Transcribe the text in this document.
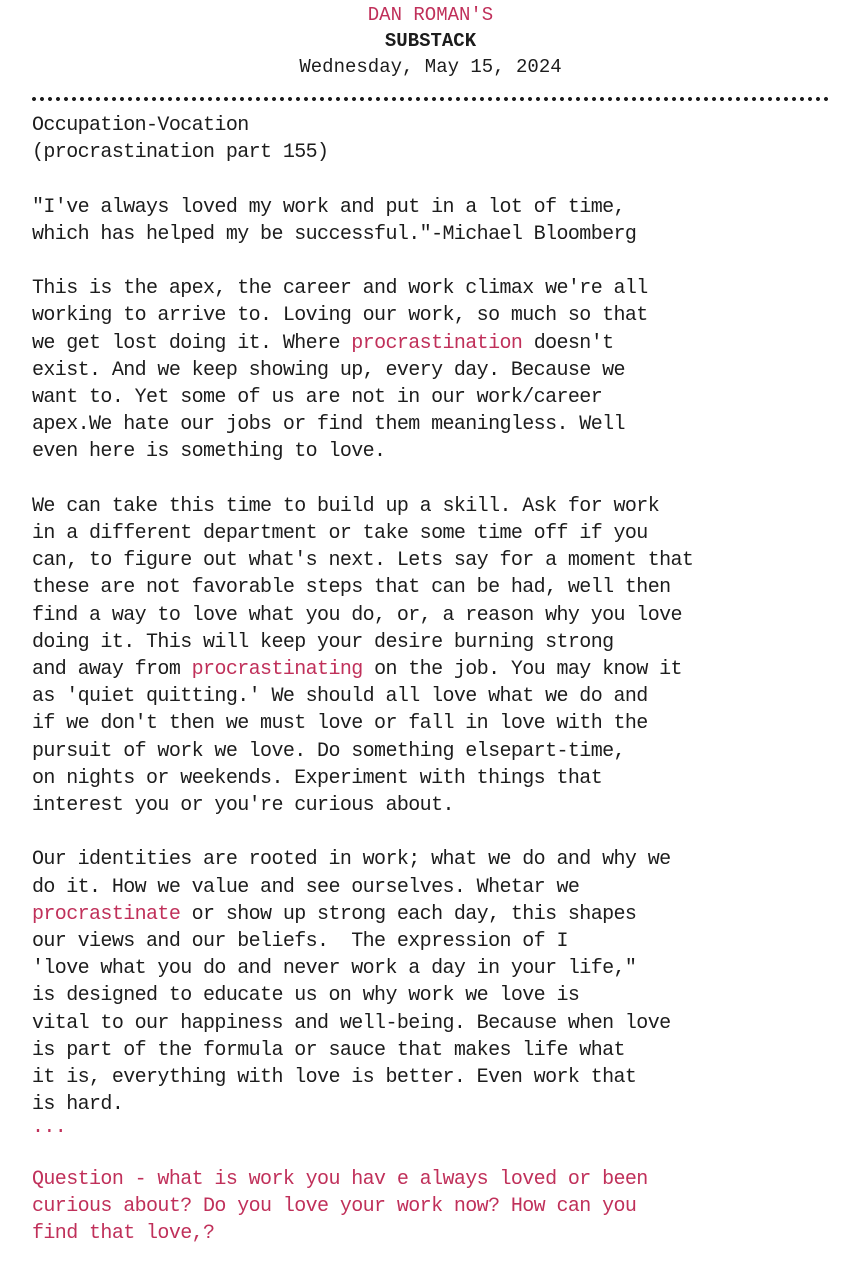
DAN ROMAN'S
SUBSTACK
Wednesday, May 15, 2024

Occupation-Vocation
(procrastination part 155)

"I've always loved my work and put in a lot of time,
which has helped my be successful."-Michael Bloomberg

This is the apex, the career and work climax we're all
working to arrive to. Loving our work, so much so that
we get lost doing it. Where procrastination doesn't
exist. And we keep showing up, every day. Because we
want to. Yet some of us are not in our work/career
apex.We hate our jobs or find them meaningless. Well
even here is something to love.

We can take this time to build up a skill. Ask for work
in a different department or take some time off if you
can, to figure out what's next. Lets say for a moment that
these are not favorable steps that can be had, well then
find a way to love what you do, or, a reason why you love
doing it. This will keep your desire burning strong
and away from procrastinating on the job. You may know it
as 'quiet quitting.' We should all love what we do and
if we don't then we must love or fall in love with the
pursuit of work we love. Do something elsepart-time,
on nights or weekends. Experiment with things that
interest you or you're curious about.

Our identities are rooted in work; what we do and why we
do it. How we value and see ourselves. Whetar we
procrastinate or show up strong each day, this shapes
our views and our beliefs.  The expression of I
'love what you do and never work a day in your life,"
is designed to educate us on why work we love is
vital to our happiness and well-being. Because when love
is part of the formula or sauce that makes life what
it is, everything with love is better. Even work that
is hard.

...

Question - what is work you hav e always loved or been
curious about? Do you love your work now? How can you
find that love,?
